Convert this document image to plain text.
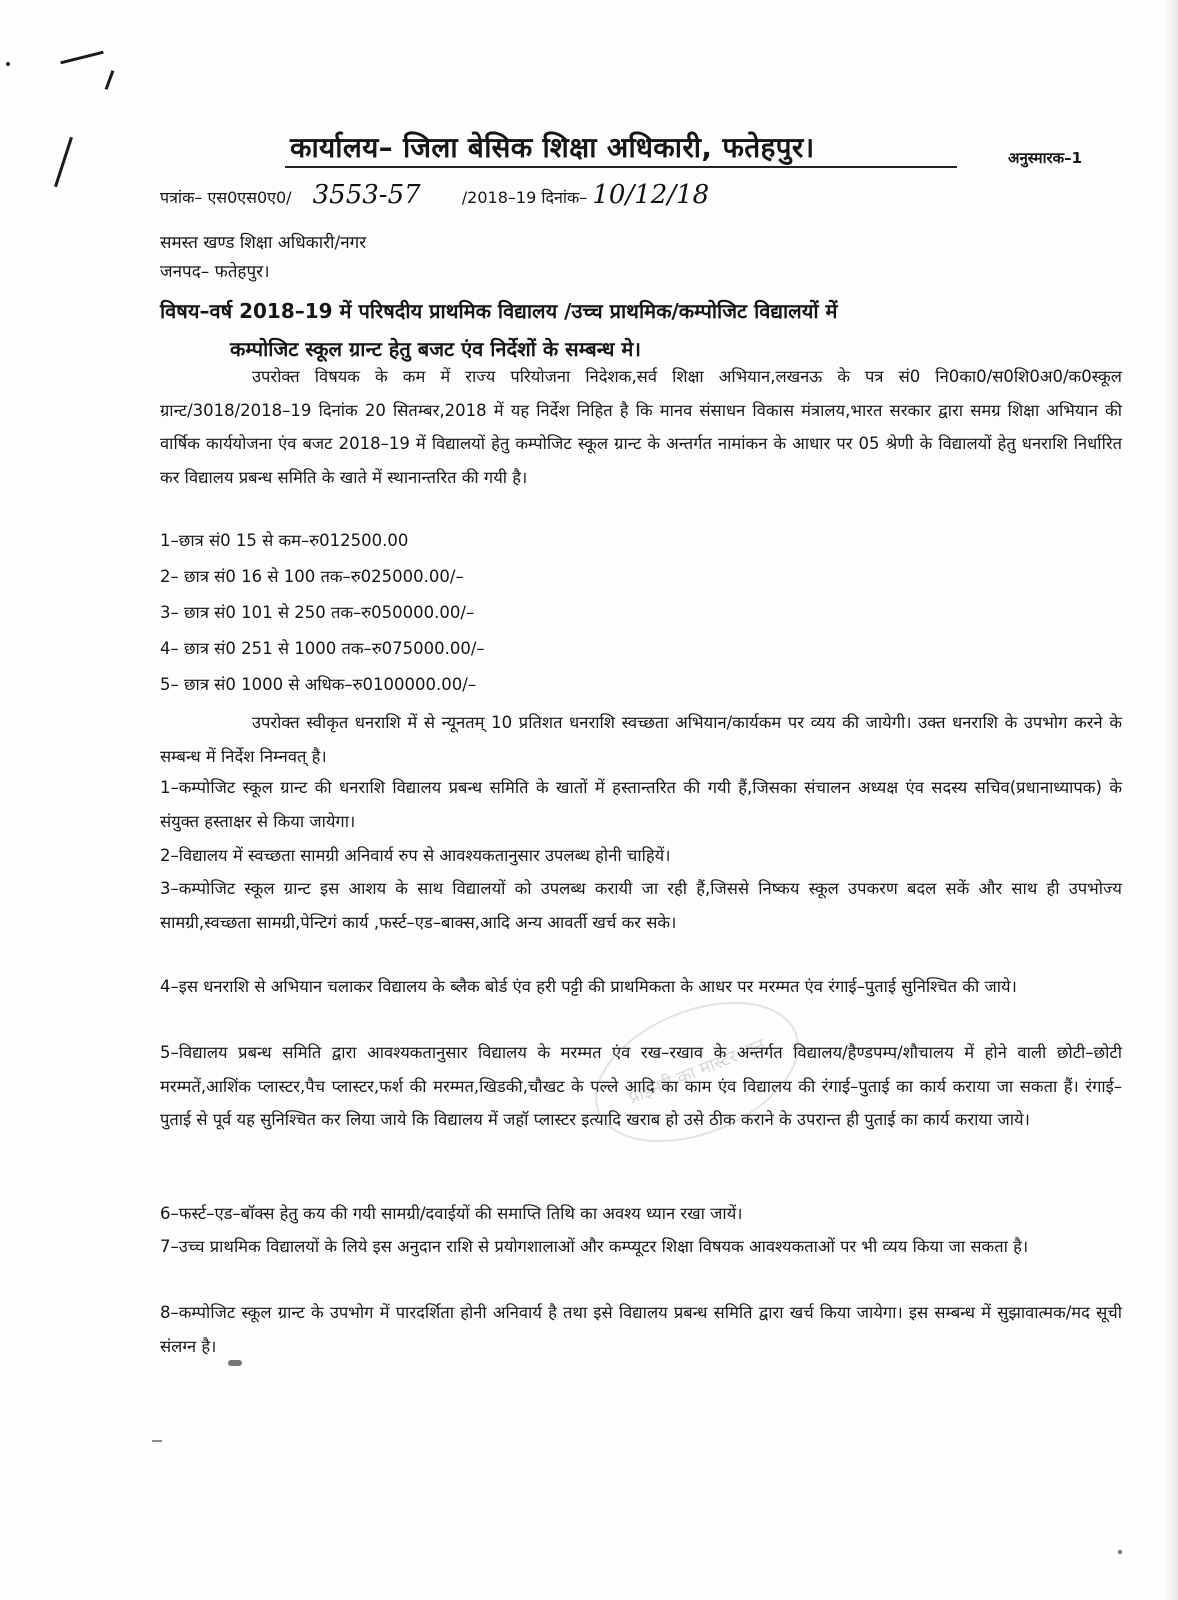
कार्यालय– जिला बेसिक शिक्षा अधिकारी, फतेहपुर।	अनुस्मारक–1
पत्रांक– एस0एस0ए0/ 3553-57	/2018–19 दिनांक– 10/12/18
समस्त खण्ड शिक्षा अधिकारी/नगर
जनपद– फतेहपुर।
विषय–वर्ष 2018–19 में परिषदीय प्राथमिक विद्यालय /उच्च प्राथमिक/कम्पोजिट विद्यालयों में
कम्पोजिट स्कूल ग्रान्ट हेतु बजट एंव निर्देशों के सम्बन्ध मे।
उपरोक्त विषयक के कम में राज्य परियोजना निदेशक,सर्व शिक्षा अभियान,लखनऊ के पत्र सं0 नि0का0/स0शि0अ0/क0स्कूल ग्रान्ट/3018/2018–19 दिनांक 20 सितम्बर,2018 में यह निर्देश निहित है कि मानव संसाधन विकास मंत्रालय,भारत सरकार द्वारा समग्र शिक्षा अभियान की वार्षिक कार्ययोजना एंव बजट 2018–19 में विद्यालयों हेतु कम्पोजिट स्कूल ग्रान्ट के अन्तर्गत नामांकन के आधार पर 05 श्रेणी के विद्यालयों हेतु धनराशि निर्धारित कर विद्यालय प्रबन्ध समिति के खाते में स्थानान्तरित की गयी है।
1–छात्र सं0 15 से कम–रु012500.00
2– छात्र सं0 16 से 100 तक–रु025000.00/–
3– छात्र सं0 101 से 250 तक–रु050000.00/–
4– छात्र सं0 251 से 1000 तक–रु075000.00/–
5– छात्र सं0 1000 से अधिक–रु0100000.00/–
उपरोक्त स्वीकृत धनराशि में से न्यूनतम् 10 प्रतिशत धनराशि स्वच्छता अभियान/कार्यकम पर व्यय की जायेगी। उक्त धनराशि के उपभोग करने के सम्बन्ध में निर्देश निम्नवत् है।
1–कम्पोजिट स्कूल ग्रान्ट की धनराशि विद्यालय प्रबन्ध समिति के खातों में हस्तान्तरित की गयी हैं,जिसका संचालन अध्यक्ष एंव सदस्य सचिव(प्रधानाध्यापक) के संयुक्त हस्ताक्षर से किया जायेगा।
2–विद्यालय में स्वच्छता सामग्री अनिवार्य रुप से आवश्यकतानुसार उपलब्ध होनी चाहियें।
3–कम्पोजिट स्कूल ग्रान्ट इस आशय के साथ विद्यालयों को उपलब्ध करायी जा रही हैं,जिससे निष्कय स्कूल उपकरण बदल सकें और साथ ही उपभोज्य सामग्री,स्वच्छता सामग्री,पेन्टिगं कार्य ,फर्स्ट–एड–बाक्स,आदि अन्य आवर्ती खर्च कर सके।
4–इस धनराशि से अभियान चलाकर विद्यालय के ब्लैक बोर्ड एंव हरी पट्टी की प्राथमिकता के आधर पर मरम्मत एंव रंगाई–पुताई सुनिश्चित की जाये।
5–विद्यालय प्रबन्ध समिति द्वारा आवश्यकतानुसार विद्यालय के मरम्मत एंव रख–रखाव के अन्तर्गत विद्यालय/हैण्डपम्प/शौचालय में होने वाली छोटी–छोटी मरम्मतें,आशिंक प्लास्टर,पैच प्लास्टर,फर्श की मरम्मत,खिडकी,चौखट के पल्ले आदि का काम एंव विद्यालय की रंगाई–पुताई का कार्य कराया जा सकता हैं। रंगाई–पुताई से पूर्व यह सुनिश्चित कर लिया जाये कि विद्यालय में जहॉ प्लास्टर इत्यादि खराब हो उसे ठीक कराने के उपरान्त ही पुताई का कार्य कराया जाये।
6–फर्स्ट–एड–बॉक्स हेतु कय की गयी सामग्री/दवाईयों की समाप्ति तिथि का अवश्य ध्यान रखा जायें।
7–उच्च प्राथमिक विद्यालयों के लिये इस अनुदान राशि से प्रयोगशालाओं और कम्प्यूटर शिक्षा विषयक आवश्यकताओं पर भी व्यय किया जा सकता है।
8–कम्पोजिट स्कूल ग्रान्ट के उपभोग में पारदर्शिता होनी अनिवार्य है तथा इसे विद्यालय प्रबन्ध समिति द्वारा खर्च किया जायेगा। इस सम्बन्ध में सुझावात्मक/मद सूची संलग्न है।
प्राइमरी का मास्टर .इन
